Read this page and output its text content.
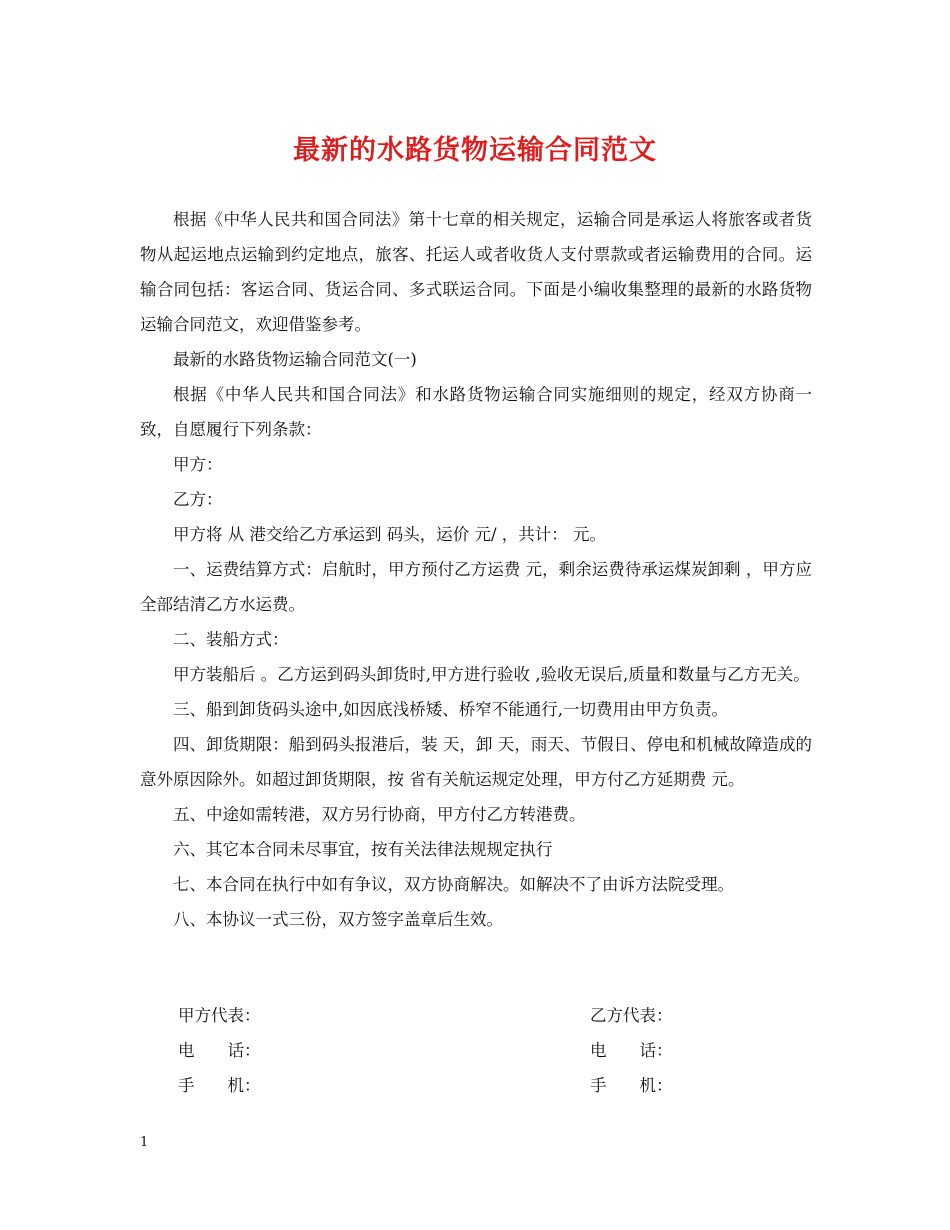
最新的水路货物运输合同范文

根据《中华人民共和国合同法》第十七章的相关规定，运输合同是承运人将旅客或者货物从起运地点运输到约定地点，旅客、托运人或者收货人支付票款或者运输费用的合同。运输合同包括：客运合同、货运合同、多式联运合同。下面是小编收集整理的最新的水路货物运输合同范文，欢迎借鉴参考。

最新的水路货物运输合同范文(一)

根据《中华人民共和国合同法》和水路货物运输合同实施细则的规定，经双方协商一致，自愿履行下列条款：

甲方：

乙方：

甲方将 从 港交给乙方承运到 码头，运价 元/ ，共计： 元。

一、运费结算方式：启航时，甲方预付乙方运费 元，剩余运费待承运煤炭卸剩 ，甲方应全部结清乙方水运费。

二、装船方式：

甲方装船后 。乙方运到码头卸货时,甲方进行验收 ,验收无误后,质量和数量与乙方无关。

三、船到卸货码头途中,如因底浅桥矮、桥窄不能通行,一切费用由甲方负责。

四、卸货期限：船到码头报港后，装 天，卸 天，雨天、节假日、停电和机械故障造成的意外原因除外。如超过卸货期限，按 省有关航运规定处理，甲方付乙方延期费 元。

五、中途如需转港，双方另行协商，甲方付乙方转港费。

六、其它本合同未尽事宜，按有关法律法规规定执行

七、本合同在执行中如有争议，双方协商解决。如解决不了由诉方法院受理。

八、本协议一式三份，双方签字盖章后生效。

甲方代表：	乙方代表：
电　　话：	电　　话：
手　　机：	手　　机：
1
